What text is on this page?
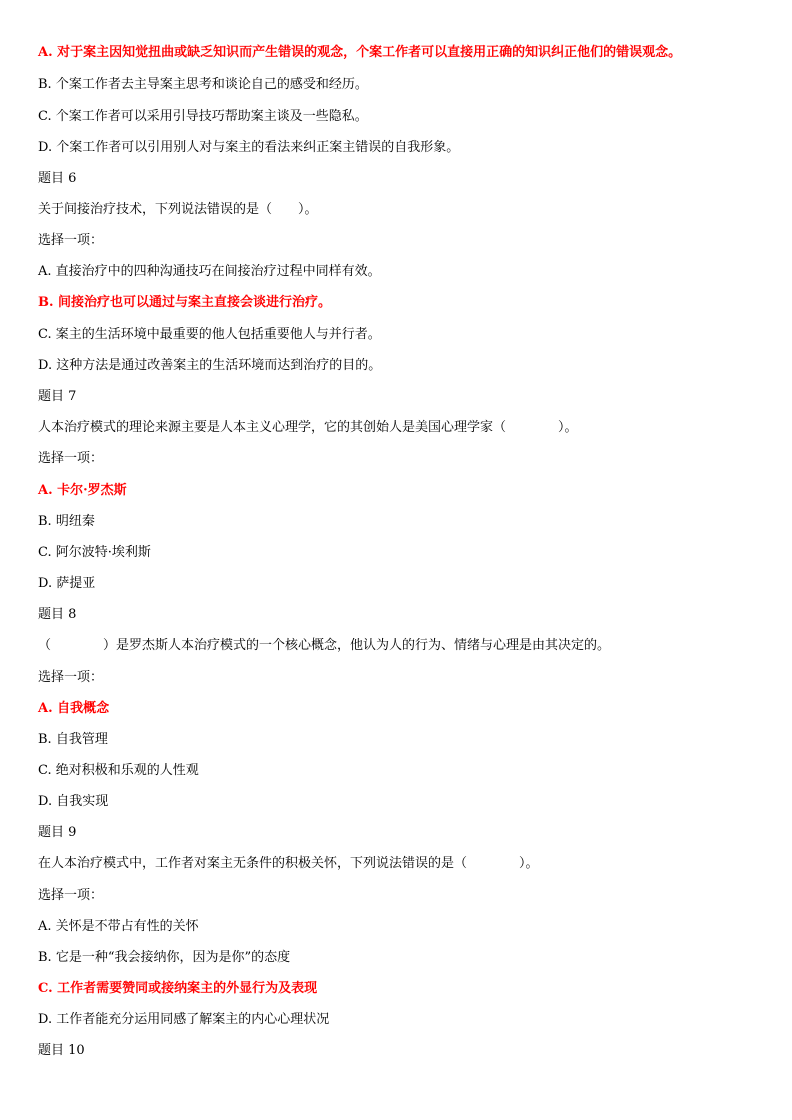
A. 对于案主因知觉扭曲或缺乏知识而产生错误的观念，个案工作者可以直接用正确的知识纠正他们的错误观念。
B. 个案工作者去主导案主思考和谈论自己的感受和经历。
C. 个案工作者可以采用引导技巧帮助案主谈及一些隐私。
D. 个案工作者可以引用别人对与案主的看法来纠正案主错误的自我形象。
题目 6
关于间接治疗技术，下列说法错误的是（　　）。
选择一项：
A. 直接治疗中的四种沟通技巧在间接治疗过程中同样有效。
B. 间接治疗也可以通过与案主直接会谈进行治疗。
C. 案主的生活环境中最重要的他人包括重要他人与并行者。
D. 这种方法是通过改善案主的生活环境而达到治疗的目的。
题目 7
人本治疗模式的理论来源主要是人本主义心理学，它的其创始人是美国心理学家（　　　　）。
选择一项：
A. 卡尔·罗杰斯
B. 明纽秦
C. 阿尔波特·埃利斯
D. 萨提亚
题目 8
（　　　　）是罗杰斯人本治疗模式的一个核心概念，他认为人的行为、情绪与心理是由其决定的。
选择一项：
A. 自我概念
B. 自我管理
C. 绝对积极和乐观的人性观
D. 自我实现
题目 9
在人本治疗模式中，工作者对案主无条件的积极关怀，下列说法错误的是（　　　　）。
选择一项：
A. 关怀是不带占有性的关怀
B. 它是一种“我会接纳你，因为是你”的态度
C. 工作者需要赞同或接纳案主的外显行为及表现
D. 工作者能充分运用同感了解案主的内心心理状况
题目 10
